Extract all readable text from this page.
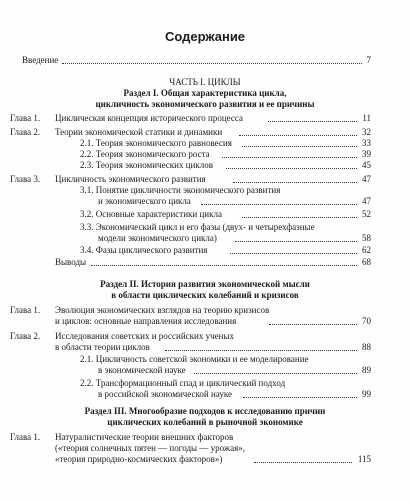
Содержание
Введение	7
ЧАСТЬ I. ЦИКЛЫ
Раздел I. Общая характеристика цикла,
цикличность экономического развития и ее причины
Глава 1. Циклическая концепция исторического процесса	11
Глава 2. Теории экономической статики и динамики	32
2.1. Теория экономического равновесия	33
2.2. Теория экономического роста	39
2.3. Теория экономических циклов	45
Глава 3. Цикличность экономического развития	47
3.1. Понятие цикличности экономического развития
и экономического цикла	47
3.2. Основные характеристики цикла	52
3.3. Экономический цикл и его фазы (двух- и четырехфазные
модели экономического цикла)	58
3.4. Фазы циклического развития	62
Выводы	68
Раздел II. История развития экономической мысли
в области циклических колебаний и кризисов
Глава 1. Эволюция экономических взглядов на теорию кризисов
и циклов: основные направления исследования	70
Глава 2. Исследования советских и российских ученых
в области теории циклов	88
2.1. Цикличность советской экономики и ее моделирование
в экономической науке	89
2.2. Трансформационный спад и циклический подход
в российской экономической науке	99
Раздел III. Многообразие подходов к исследованию причин
циклических колебаний в рыночной экономике
Глава 1. Натуралистические теории внешних факторов
(«теория солнечных пятен — погоды — урожая»,
«теория природно-космических факторов»)	115
